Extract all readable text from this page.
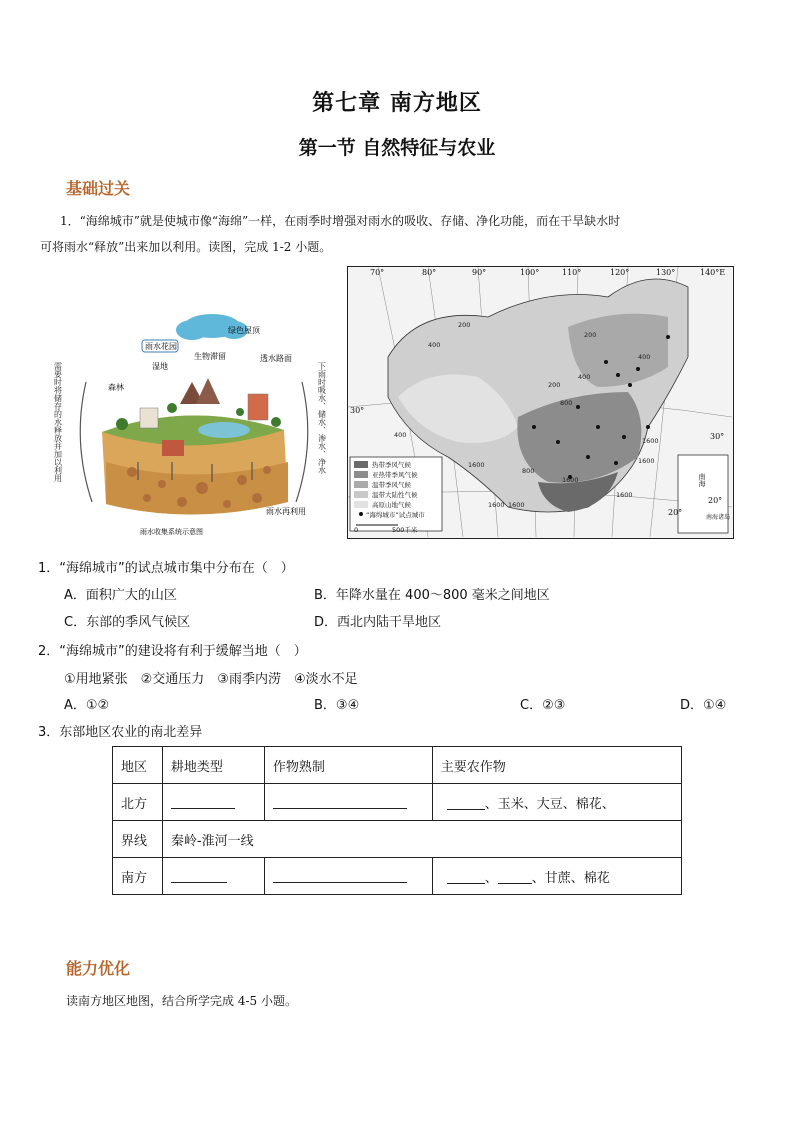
第七章 南方地区
第一节 自然特征与农业
基础过关
1．“海绵城市”就是使城市像“海绵”一样，在雨季时增强对雨水的吸收、存储、净化功能，而在干旱缺水时
可将雨水“释放”出来加以利用。读图，完成 1-2 小题。
雨水花园
绿色屋顶
生物滞留
湿地
透水路面
森林
雨水再利用
雨水收集系统示意图
需要时将储存的水释放并加以利用	下雨时吸水、储水、渗水、净水	热带季风气候
亚热带季风气候
温带季风气候
温带大陆性气候
高原山地气候
“海绵城市”试点城市
0	500千米
70°	80°	90°	100°	110°	120°	130°	140°E
30°
20°
30°
20°
200
400
200
400
200
400
800
1600
1600
800
400
1600
1600 1600
1600
1600
南海
南海诸岛
1．“海绵城市”的试点城市集中分布在（　）
A．面积广大的山区	B．年降水量在 400～800 毫米之间地区
C．东部的季风气候区	D．西北内陆干旱地区
2．“海绵城市”的建设将有利于缓解当地（　）
①用地紧张　②交通压力　③雨季内涝　④淡水不足
A．①②	B．③④	C．②③	D．①④
3．东部地区农业的南北差异
地区	耕地类型	作物熟制	主要农作物
北方			、玉米、大豆、棉花、
界线	秦岭-淮河一线		
南方			、 、甘蔗、棉花
能力优化
读南方地区地图，结合所学完成 4-5 小题。
